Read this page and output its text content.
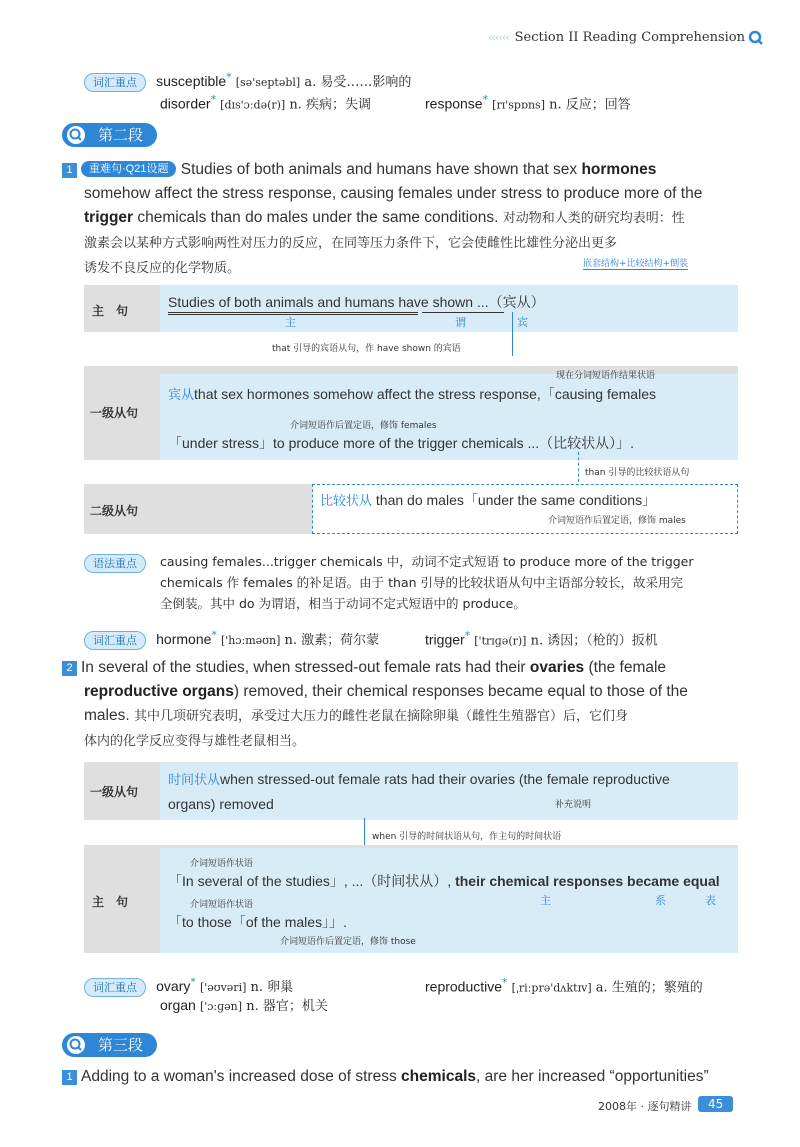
‹‹‹‹‹‹ Section II Reading Comprehension
词汇重点 susceptible* [sə'septəbl] a. 易受……影响的
disorder* [dɪs'ɔːdə(r)] n. 疾病；失调	response* [rɪ'spɒns] n. 反应；回答
第二段
1 重难句·Q21设题 Studies of both animals and humans have shown that sex hormones
somehow affect the stress response, causing females under stress to produce more of the
trigger chemicals than do males under the same conditions. 对动物和人类的研究均表明：性
激素会以某种方式影响两性对压力的反应，在同等压力条件下，它会使雌性比雄性分泌出更多
诱发不良反应的化学物质。	嵌套结构+比较结构+倒装
主　句
Studies of both animals and humans have shown ...（宾从）
主	谓	宾
that 引导的宾语从句，作 have shown 的宾语
一级从句
现在分词短语作结果状语
宾从that sex hormones somehow affect the stress response,「causing females
介词短语作后置定语，修饰 females
「under stress」to produce more of the trigger chemicals ...（比较状从）」.
than 引导的比较状语从句
二级从句
比较状从 than do males「under the same conditions」
介词短语作后置定语，修饰 males
语法重点	causing females...trigger chemicals 中，动词不定式短语 to produce more of the trigger
chemicals 作 females 的补足语。由于 than 引导的比较状语从句中主语部分较长，故采用完
全倒装。其中 do 为谓语，相当于动词不定式短语中的 produce。
词汇重点 hormone* ['hɔːməʊn] n. 激素；荷尔蒙	trigger* ['trɪɡə(r)] n. 诱因；（枪的）扳机
2 In several of the studies, when stressed-out female rats had their ovaries (the female
reproductive organs) removed, their chemical responses became equal to those of the
males. 其中几项研究表明，承受过大压力的雌性老鼠在摘除卵巢（雌性生殖器官）后，它们身
体内的化学反应变得与雄性老鼠相当。
一级从句
时间状从when stressed-out female rats had their ovaries (the female reproductive
organs) removed	补充说明
when 引导的时间状语从句，作主句的时间状语
主　句
介词短语作状语
「In several of the studies」, ...（时间状从）, their chemical responses became equal
主	系	表
介词短语作状语
「to those「of the males」」.
介词短语作后置定语，修饰 those
词汇重点 ovary* ['əʊvəri] n. 卵巢	reproductive* [ˌriːprə'dʌktɪv] a. 生殖的；繁殖的
organ ['ɔːɡən] n. 器官；机关
第三段
1 Adding to a woman's increased dose of stress chemicals, are her increased “opportunities”
2008年 · 逐句精讲	45
